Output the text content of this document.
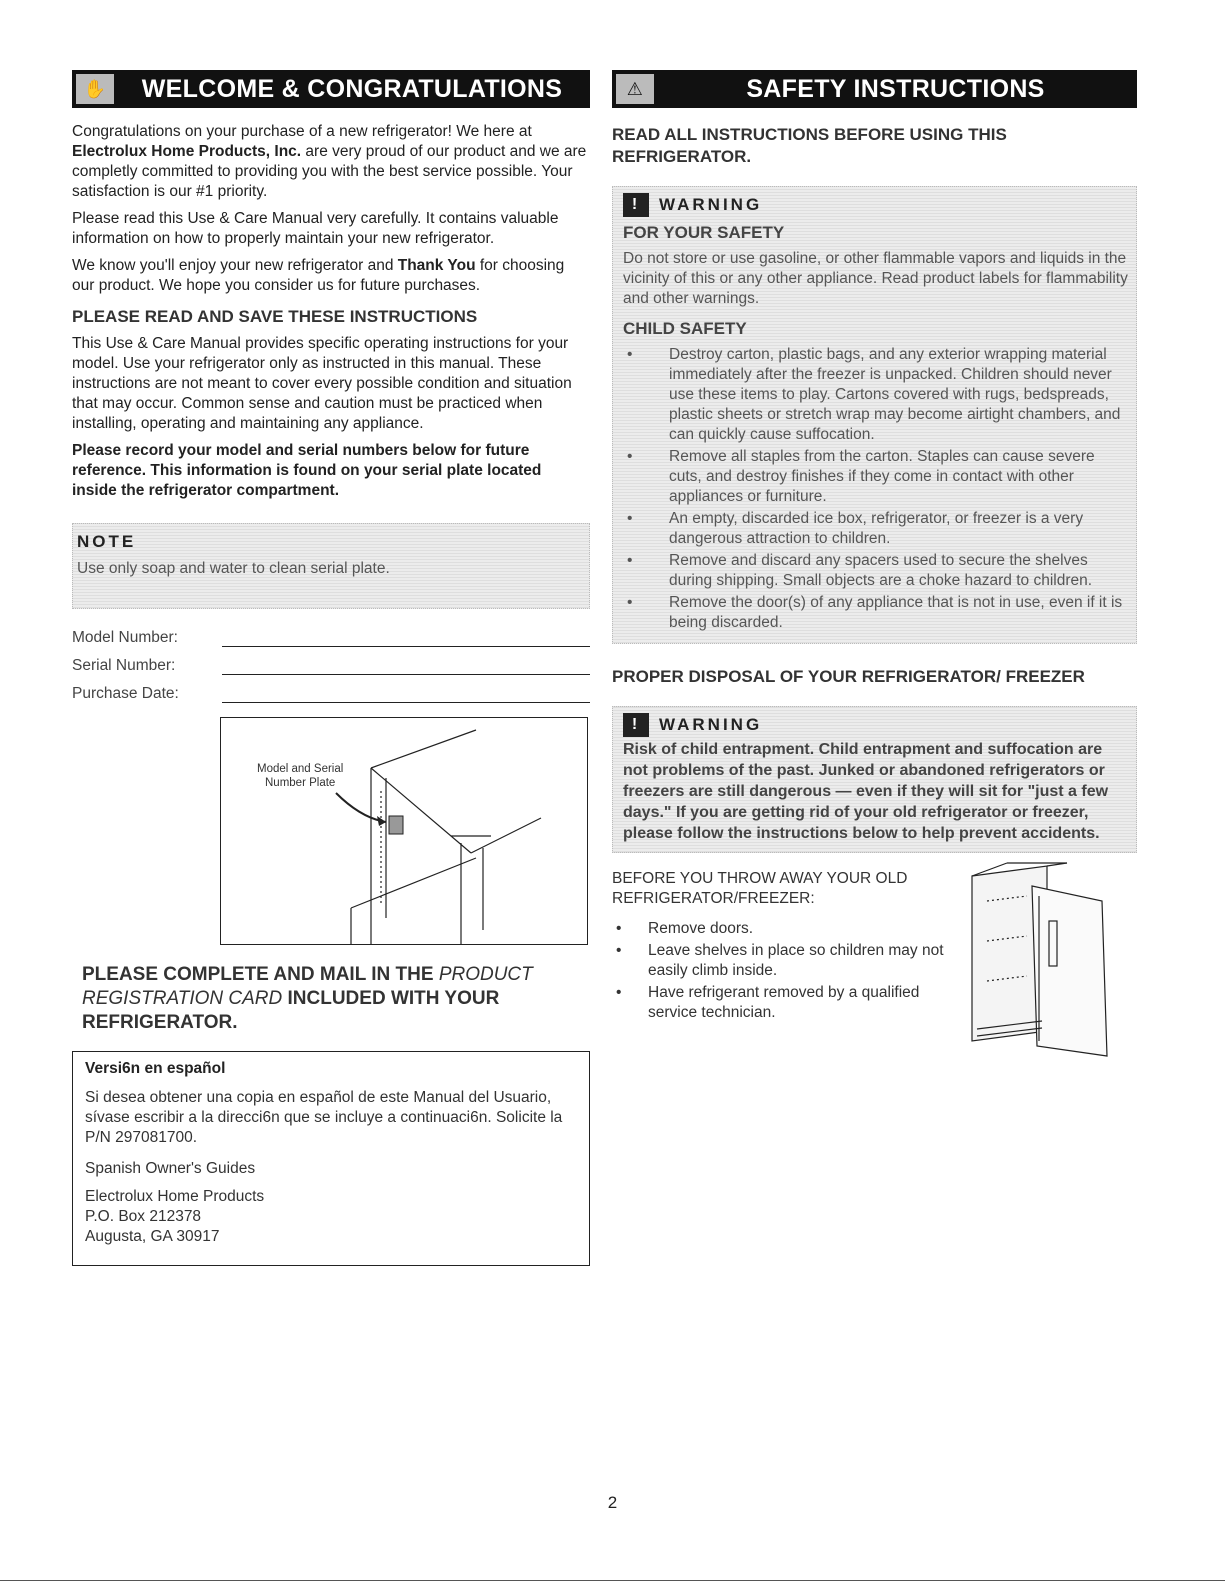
✋	WELCOME & CONGRATULATIONS

Congratulations on your purchase of a new refrigerator! We here at Electrolux Home Products, Inc. are very proud of our product and we are completly committed to providing you with the best service possible. Your satisfaction is our #1 priority.

Please read this Use & Care Manual very carefully. It contains valuable information on how to properly maintain your new refrigerator.

We know you'll enjoy your new refrigerator and Thank You for choosing our product. We hope you consider us for future purchases.

PLEASE READ AND SAVE THESE INSTRUCTIONS

This Use & Care Manual provides specific operating instructions for your model. Use your refrigerator only as instructed in this manual. These instructions are not meant to cover every possible condition and situation that may occur. Common sense and caution must be practiced when installing, operating and maintaining any appliance.

Please record your model and serial numbers below for future reference. This information is found on your serial plate located inside the refrigerator compartment.

NOTE
Use only soap and water to clean serial plate.
Model Number:
Serial Number:
Purchase Date:
Model and Serial
Number Plate
PLEASE COMPLETE AND MAIL IN THE PRODUCT REGISTRATION CARD INCLUDED WITH YOUR REFRIGERATOR.
Versi6n en español

Si desea obtener una copia en español de este Manual del Usuario, sívase escribir a la direcci6n que se incluye a continuaci6n. Solicite la P/N 297081700.

Spanish Owner's Guides

Electrolux Home Products

P.O. Box 212378

Augusta, GA 30917

⚠	SAFETY INSTRUCTIONS
READ ALL INSTRUCTIONS BEFORE USING THIS REFRIGERATOR.
!	WARNING
FOR YOUR SAFETY
Do not store or use gasoline, or other flammable vapors and liquids in the vicinity of this or any other appliance. Read product labels for flammability and other warnings.
CHILD SAFETY
• Destroy carton, plastic bags, and any exterior wrapping material immediately after the freezer is unpacked. Children should never use these items to play. Cartons covered with rugs, bedspreads, plastic sheets or stretch wrap may become airtight chambers, and can quickly cause suffocation.
• Remove all staples from the carton. Staples can cause severe cuts, and destroy finishes if they come in contact with other appliances or furniture.
• An empty, discarded ice box, refrigerator, or freezer is a very dangerous attraction to children.
• Remove and discard any spacers used to secure the shelves during shipping. Small objects are a choke hazard to children.
• Remove the door(s) of any appliance that is not in use, even if it is being discarded.
PROPER DISPOSAL OF YOUR REFRIGERATOR/ FREEZER
!	WARNING
Risk of child entrapment. Child entrapment and suffocation are not problems of the past. Junked or abandoned refrigerators or freezers are still dangerous — even if they will sit for "just a few days." If you are getting rid of your old refrigerator or freezer, please follow the instructions below to help prevent accidents.

BEFORE YOU THROW AWAY YOUR OLD REFRIGERATOR/FREEZER:

• Remove doors.
• Leave shelves in place so children may not easily climb inside.
• Have refrigerant removed by a qualified service technician.
2
